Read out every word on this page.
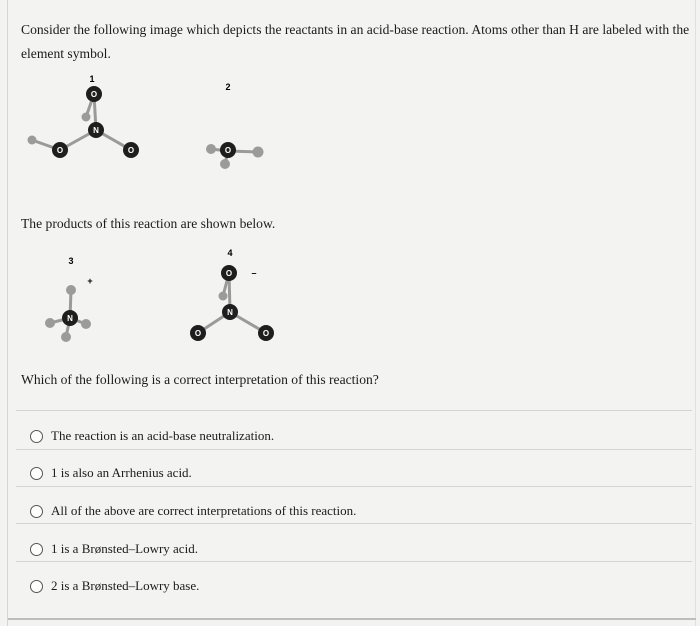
Consider the following image which depicts the reactants in an acid-base reaction. Atoms other than H are labeled with the element symbol.
O
N
O	O
1
O
2
N
3
+
O
N
O	O
4
–
The products of this reaction are shown below.
Which of the following is a correct interpretation of this reaction?
The reaction is an acid-base neutralization.
1 is also an Arrhenius acid.
All of the above are correct interpretations of this reaction.
1 is a Brønsted–Lowry acid.
2 is a Brønsted–Lowry base.
